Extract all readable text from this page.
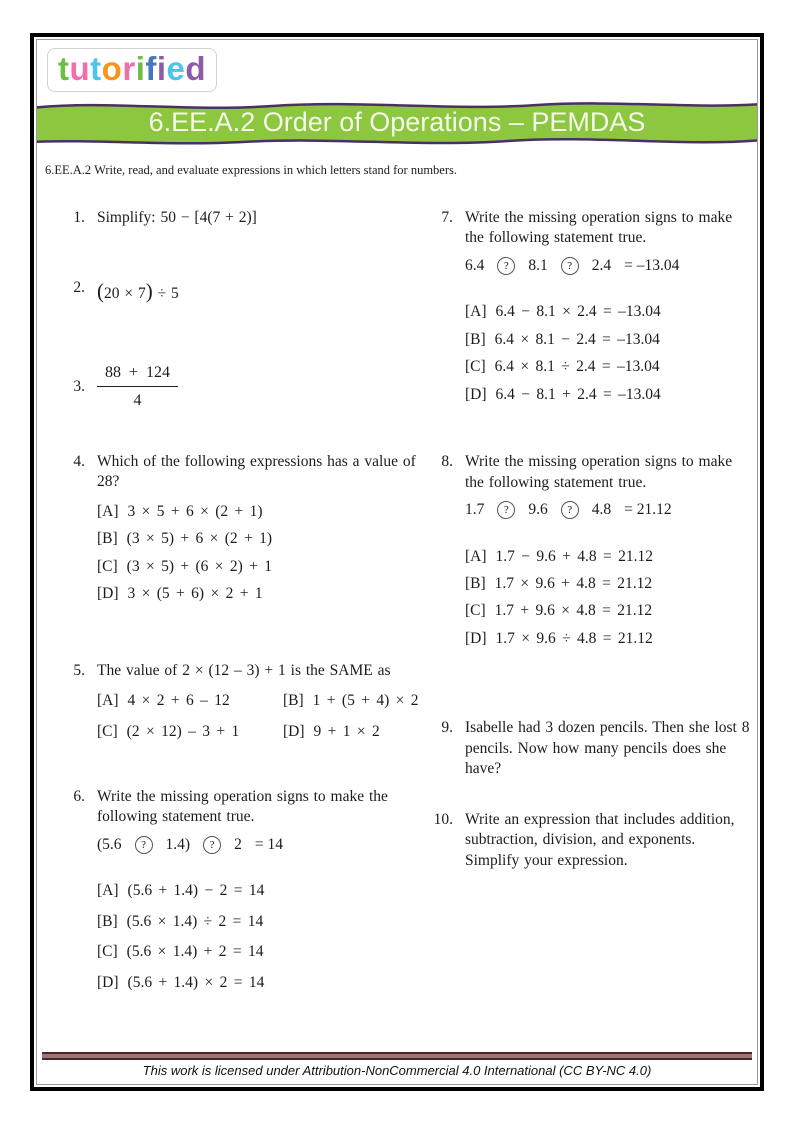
tutorified
6.EE.A.2 Order of Operations – PEMDAS
6.EE.A.2 Write, read, and evaluate expressions in which letters stand for numbers.
1. Simplify: 50 − [4(7 + 2)]
2. (20 × 7) ÷ 5
3. $\frac{88 + 124}{4}$
4. Which of the following expressions has a value of 28?
[A] 3 × 5 + 6 × (2 + 1)
[B] (3 × 5) + 6 × (2 + 1)
[C] (3 × 5) + (6 × 2) + 1
[D] 3 × (5 + 6) × 2 + 1
5. The value of 2 × (12 – 3) + 1 is the SAME as
[A] 4 × 2 + 6 – 12	[B] 1 + (5 + 4) × 2
[C] (2 × 12) – 3 + 1	[D] 9 + 1 × 2
6. Write the missing operation signs to make the following statement true.
(5.6	?	1.4)	?	2 = 14
[A] (5.6 + 1.4) − 2 = 14
[B] (5.6 × 1.4) ÷ 2 = 14
[C] (5.6 × 1.4) + 2 = 14
[D] (5.6 + 1.4) × 2 = 14
7. Write the missing operation signs to make the following statement true.
6.4	?	8.1	?	2.4 = –13.04
[A] 6.4 − 8.1 × 2.4 = –13.04
[B] 6.4 × 8.1 − 2.4 = –13.04
[C] 6.4 × 8.1 ÷ 2.4 = –13.04
[D] 6.4 − 8.1 + 2.4 = –13.04
8. Write the missing operation signs to make the following statement true.
1.7	?	9.6	?	4.8 = 21.12
[A] 1.7 − 9.6 + 4.8 = 21.12
[B] 1.7 × 9.6 + 4.8 = 21.12
[C] 1.7 + 9.6 × 4.8 = 21.12
[D] 1.7 × 9.6 ÷ 4.8 = 21.12
9. Isabelle had 3 dozen pencils. Then she lost 8 pencils. Now how many pencils does she have?
10. Write an expression that includes addition, subtraction, division, and exponents. Simplify your expression.
This work is licensed under Attribution-NonCommercial 4.0 International (CC BY-NC 4.0)
